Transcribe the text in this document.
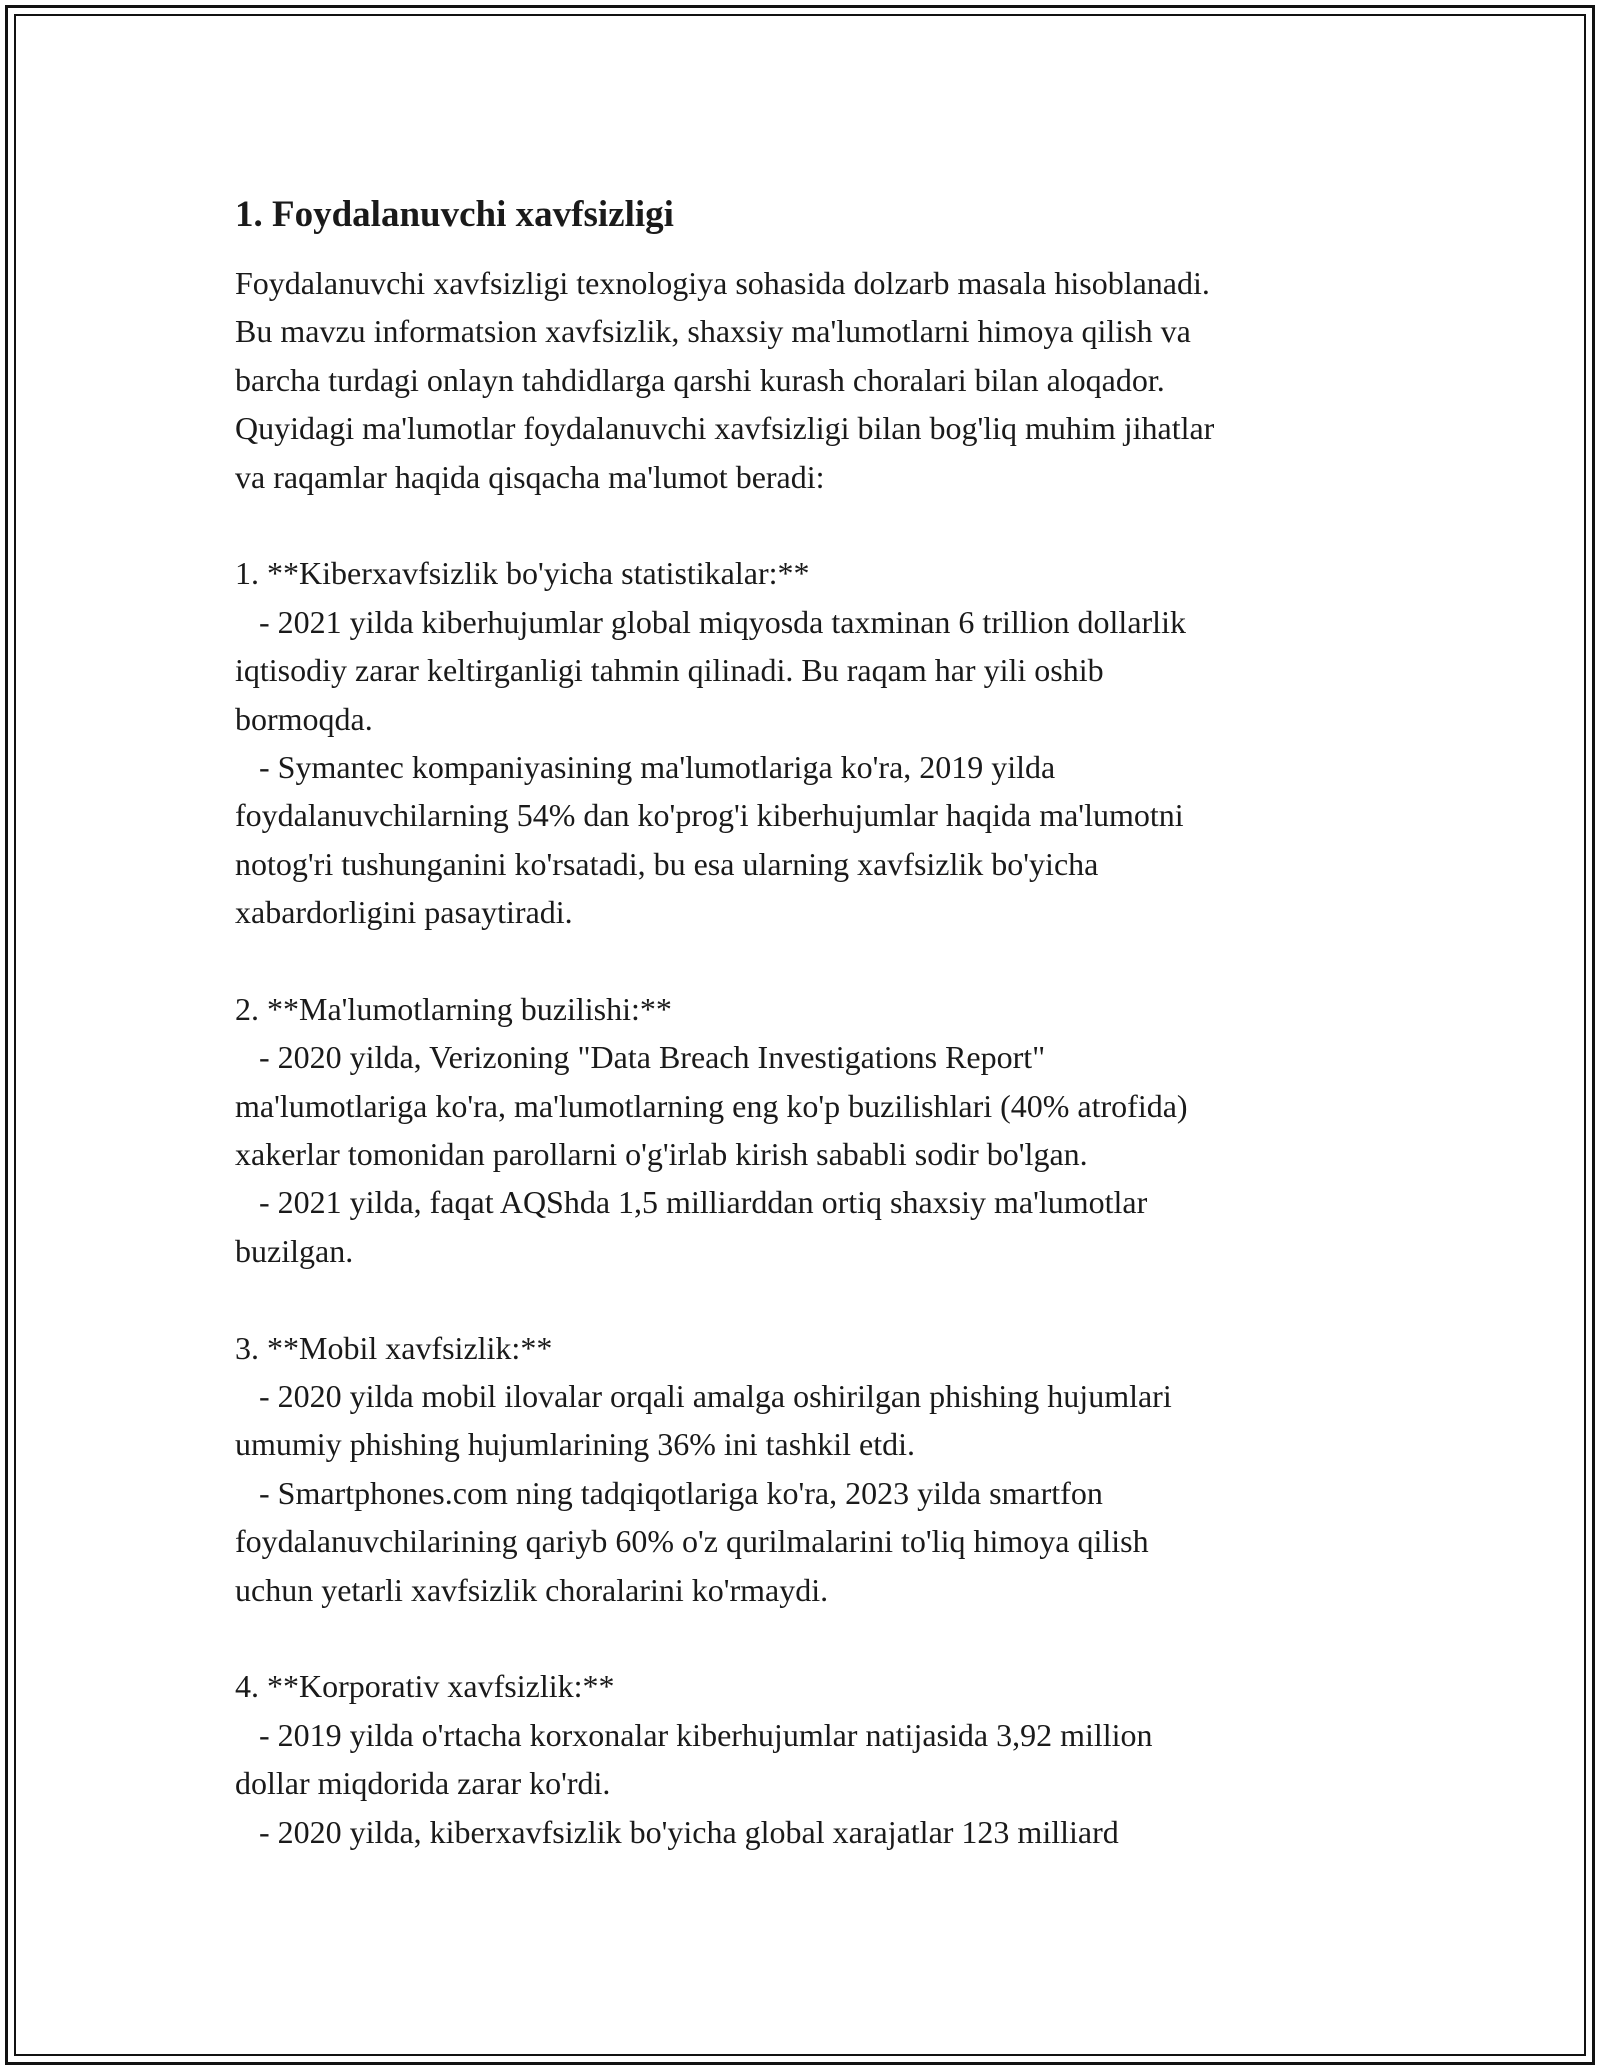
1. Foydalanuvchi xavfsizligi
Foydalanuvchi xavfsizligi texnologiya sohasida dolzarb masala hisoblanadi.
Bu mavzu informatsion xavfsizlik, shaxsiy ma'lumotlarni himoya qilish va
barcha turdagi onlayn tahdidlarga qarshi kurash choralari bilan aloqador.
Quyidagi ma'lumotlar foydalanuvchi xavfsizligi bilan bog'liq muhim jihatlar
va raqamlar haqida qisqacha ma'lumot beradi:
1. **Kiberxavfsizlik bo'yicha statistikalar:**
- 2021 yilda kiberhujumlar global miqyosda taxminan 6 trillion dollarlik
iqtisodiy zarar keltirganligi tahmin qilinadi. Bu raqam har yili oshib
bormoqda.
- Symantec kompaniyasining ma'lumotlariga ko'ra, 2019 yilda
foydalanuvchilarning 54% dan ko'prog'i kiberhujumlar haqida ma'lumotni
notog'ri tushunganini ko'rsatadi, bu esa ularning xavfsizlik bo'yicha
xabardorligini pasaytiradi.
2. **Ma'lumotlarning buzilishi:**
- 2020 yilda, Verizoning "Data Breach Investigations Report"
ma'lumotlariga ko'ra, ma'lumotlarning eng ko'p buzilishlari (40% atrofida)
xakerlar tomonidan parollarni o'g'irlab kirish sababli sodir bo'lgan.
- 2021 yilda, faqat AQShda 1,5 milliarddan ortiq shaxsiy ma'lumotlar
buzilgan.
3. **Mobil xavfsizlik:**
- 2020 yilda mobil ilovalar orqali amalga oshirilgan phishing hujumlari
umumiy phishing hujumlarining 36% ini tashkil etdi.
- Smartphones.com ning tadqiqotlariga ko'ra, 2023 yilda smartfon
foydalanuvchilarining qariyb 60% o'z qurilmalarini to'liq himoya qilish
uchun yetarli xavfsizlik choralarini ko'rmaydi.
4. **Korporativ xavfsizlik:**
- 2019 yilda o'rtacha korxonalar kiberhujumlar natijasida 3,92 million
dollar miqdorida zarar ko'rdi.
- 2020 yilda, kiberxavfsizlik bo'yicha global xarajatlar 123 milliard
